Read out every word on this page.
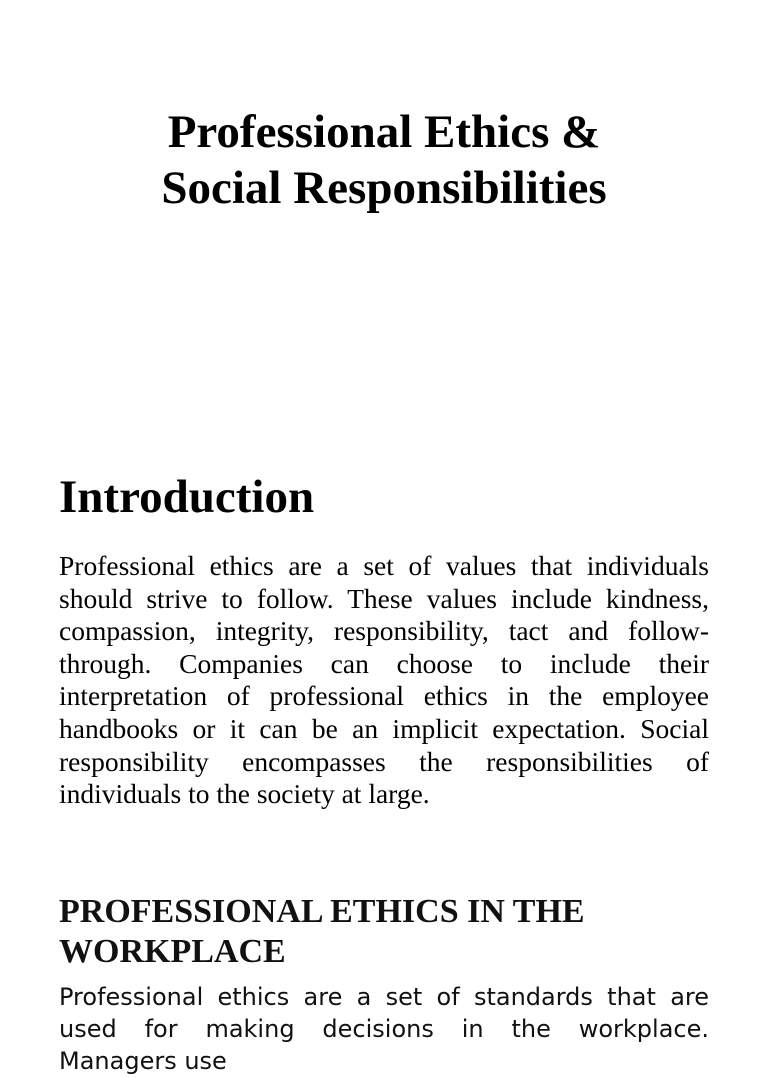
Professional Ethics &
Social Responsibilities
Introduction

Professional ethics are a set of values that individuals should strive to follow. These values include kindness, compassion, integrity, responsibility, tact and follow-through. Companies can choose to include their interpretation of professional ethics in the employee handbooks or it can be an implicit expectation. Social responsibility encompasses the responsibilities of individuals to the society at large.

PROFESSIONAL ETHICS IN THE WORKPLACE

Professional ethics are a set of standards that are used for making decisions in the workplace. Managers use
